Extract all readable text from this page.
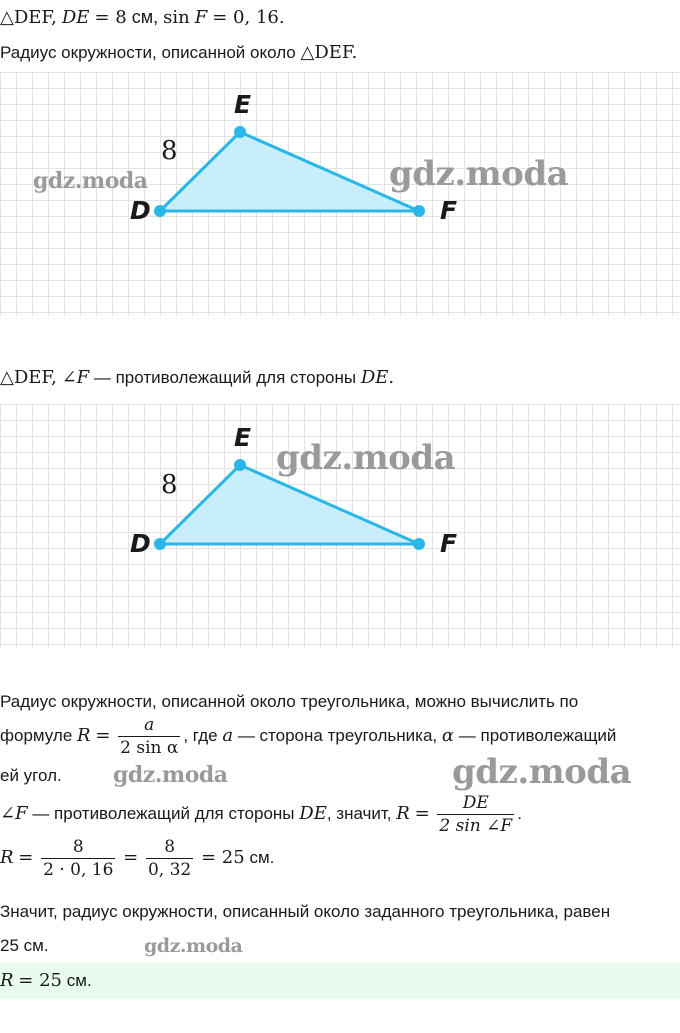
△DEF, DE = 8 см, sin F = 0, 16.
Радиус окружности, описанной около △DEF.
E
D	F
8
gdz.moda	gdz.moda
△DEF, ∠F — противолежащий для стороны DE.
E
D	F
8
gdz.moda
Радиус окружности, описанной около треугольника, можно вычислить по
формуле $R = \frac{a}{\text{2 sin α}}$ , где a — сторона треугольника, α — противолежащий
ей угол.
∠F — противолежащий для стороны DE, значит, $R = \frac{DE}{2 \sin \angle F}$ .
$R = \frac{8}{2 \cdot 0, 16} = \frac{8}{0, 32} = 25$ см.
Значит, радиус окружности, описанный около заданного треугольника, равен
25 см.
R = 25 см.
gdz.moda	gdz.moda
gdz.moda
